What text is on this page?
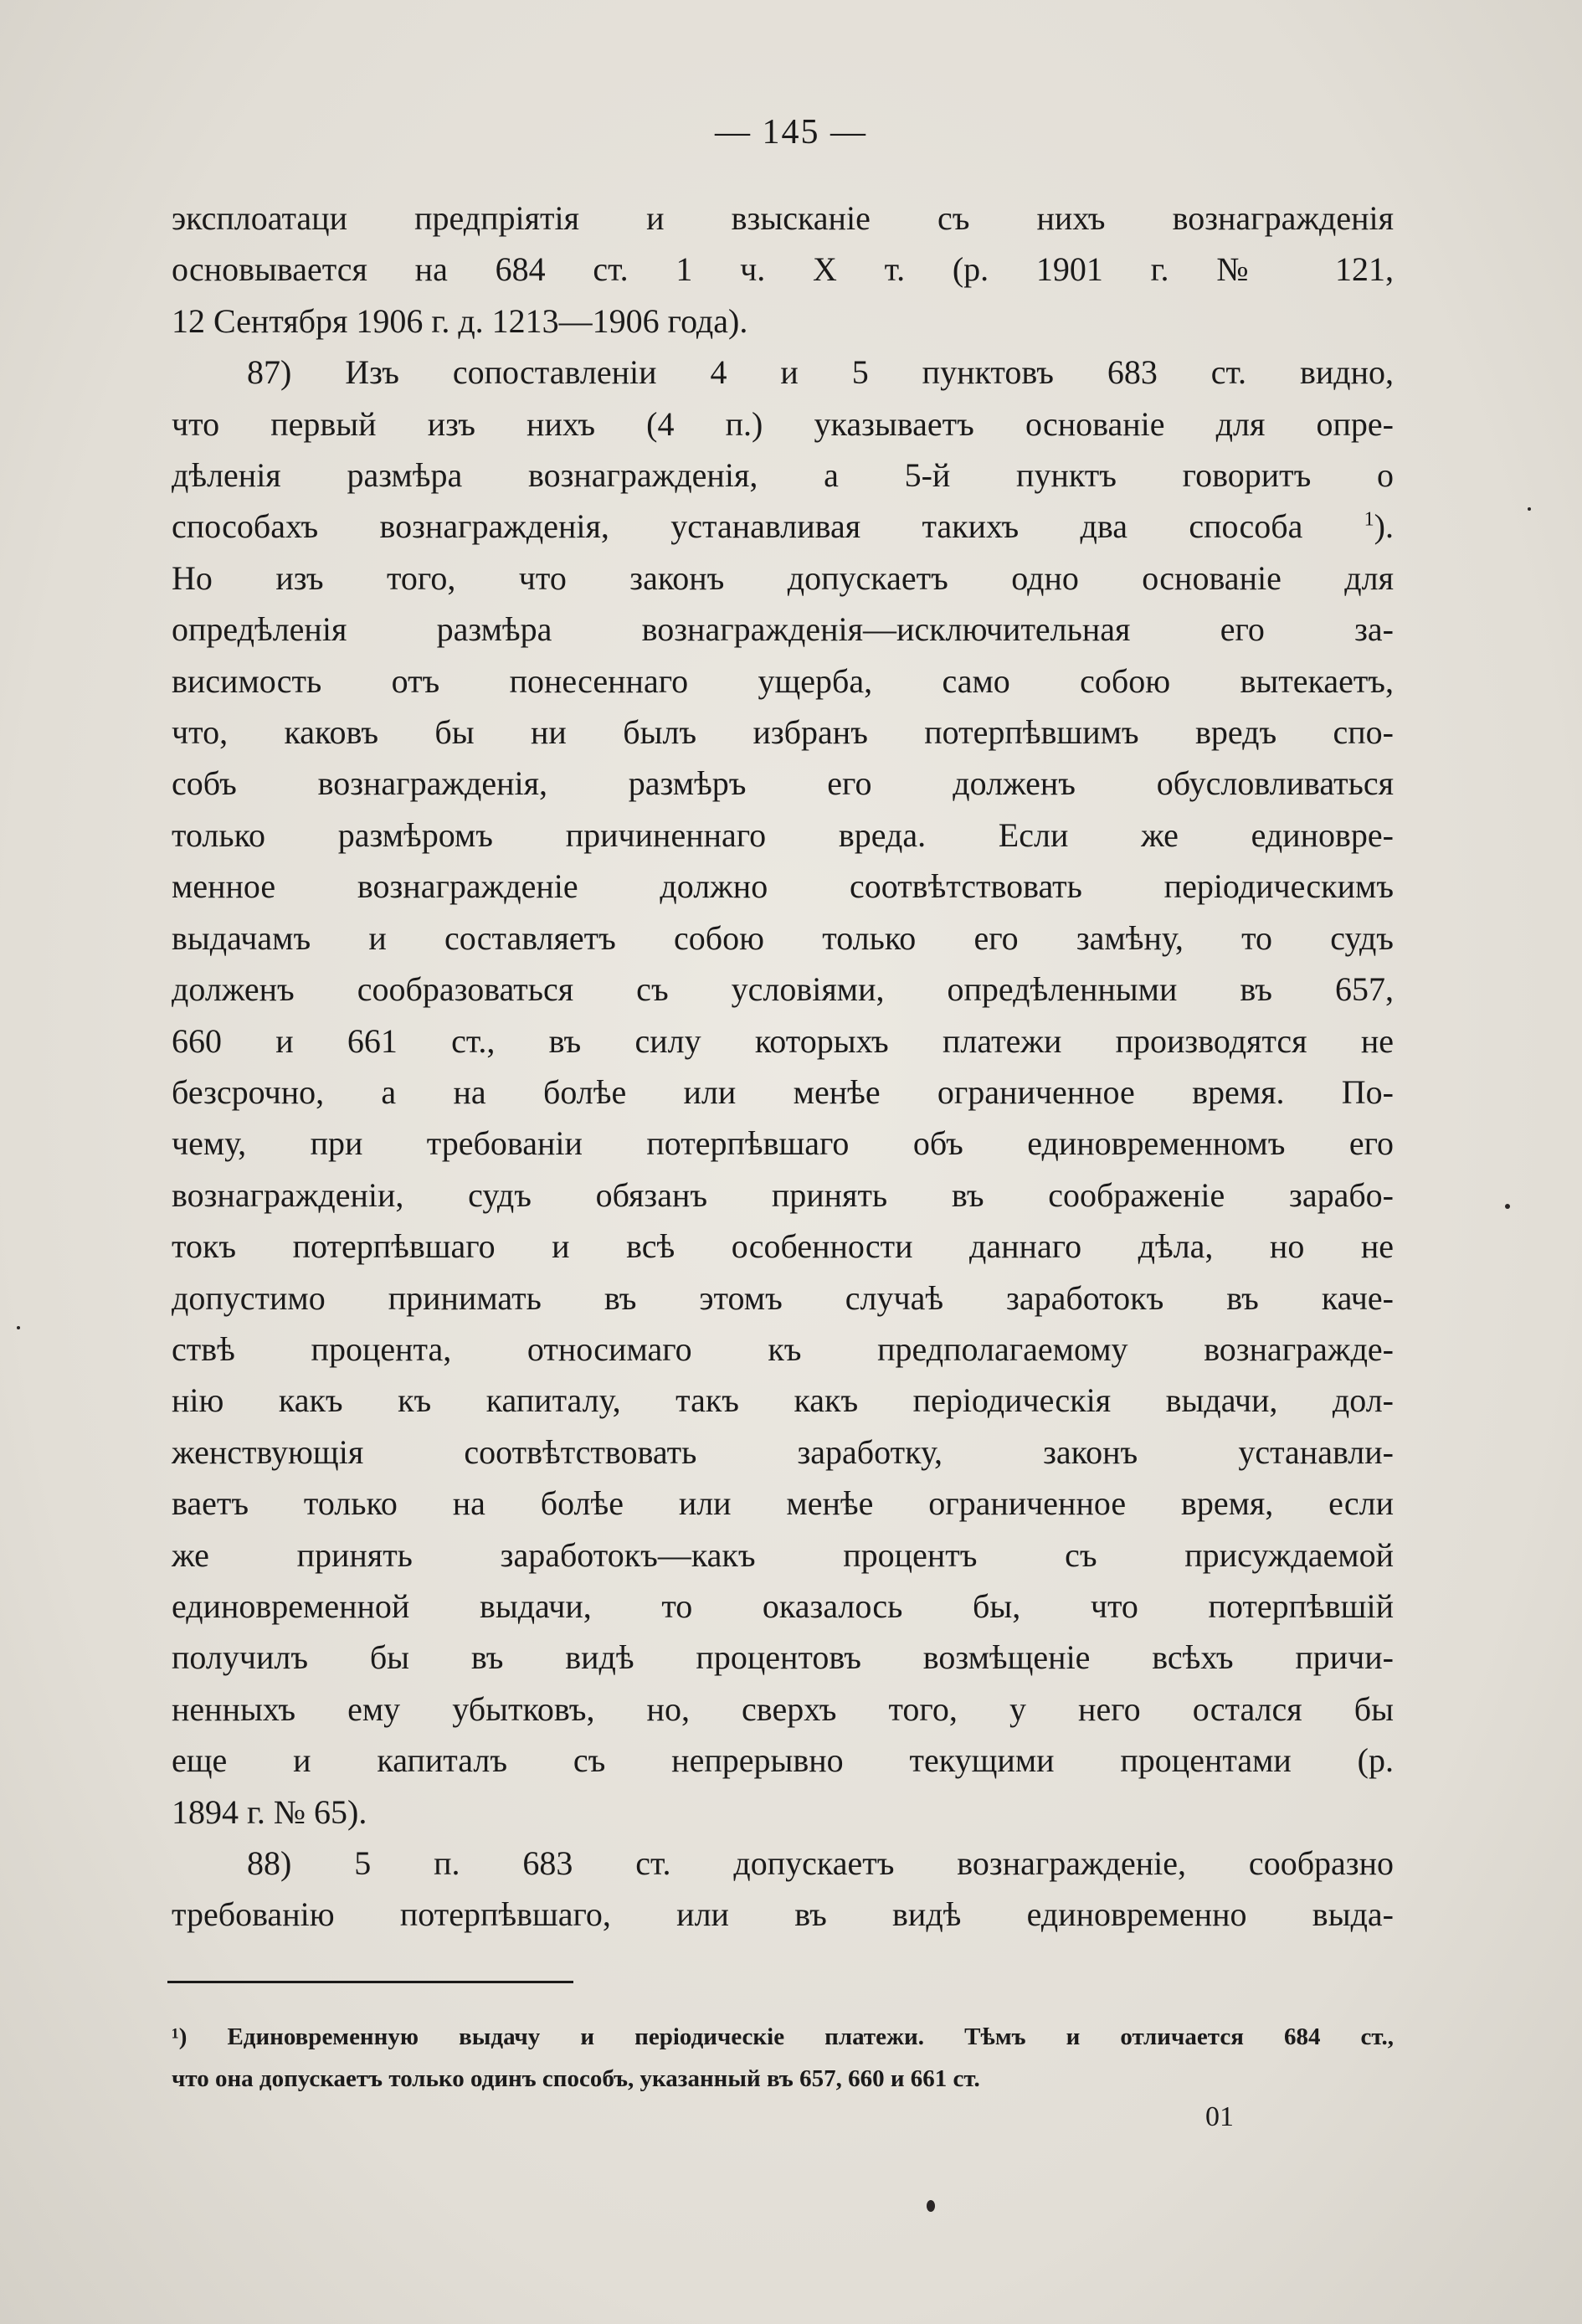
— 145 —

эксплоатаци предпріятія и взысканіе съ нихъ вознагражденія
основывается на 684 ст. 1 ч. X т. (р. 1901 г. № 121,
12 Сентября 1906 г. д. 1213—1906 года).

87) Изъ сопоставленіи 4 и 5 пунктовъ 683 ст. видно,
что первый изъ нихъ (4 п.) указываетъ основаніе для опре-
дѣленія размѣра вознагражденія, а 5-й пунктъ говоритъ о
способахъ вознагражденія, устанавливая такихъ два способа	$^1$).
Но изъ того, что законъ допускаетъ одно основаніе для
опредѣленія размѣра вознагражденія—исключительная его за-
висимость отъ понесеннаго ущерба, само собою вытекаетъ,
что, каковъ бы ни былъ избранъ потерпѣвшимъ вредъ спо-
собъ вознагражденія, размѣръ его долженъ обусловливаться
только размѣромъ причиненнаго вреда. Если же единовре-
менное вознагражденіе должно соотвѣтствовать періодическимъ
выдачамъ и составляетъ собою только его замѣну, то судъ
долженъ сообразоваться съ условіями, опредѣленными въ 657,
660 и 661 ст., въ силу которыхъ платежи производятся не
безсрочно, а на болѣе или менѣе ограниченное время. По-
чему, при требованіи потерпѣвшаго объ единовременномъ его
вознагражденіи, судъ обязанъ принять въ соображеніе зарабо-
токъ потерпѣвшаго и всѣ особенности даннаго дѣла, но не
допустимо принимать въ этомъ случаѣ заработокъ въ каче-
ствѣ процента, относимаго къ предполагаемому вознагражде-
нію какъ къ капиталу, такъ какъ періодическія выдачи, дол-
женствующія соотвѣтствовать заработку, законъ устанавли-
ваетъ только на болѣе или менѣе ограниченное время, если
же принять заработокъ—какъ процентъ съ присуждаемой
единовременной выдачи, то оказалось бы, что потерпѣвшій
получилъ бы въ видѣ процентовъ возмѣщеніе всѣхъ причи-
ненныхъ ему убытковъ, но, сверхъ того, у него остался бы
еще и капиталъ съ непрерывно текущими процентами (р.
1894 г. № 65).

88) 5 п. 683 ст. допускаетъ вознагражденіе, сообразно
требованію потерпѣвшаго, или въ видѣ единовременно выда-

¹) Единовременную выдачу и періодическіе платежи. Тѣмъ и отличается 684 ст.,
что она допускаетъ только одинъ способъ, указанный въ 657, 660 и 661 ст.
01
